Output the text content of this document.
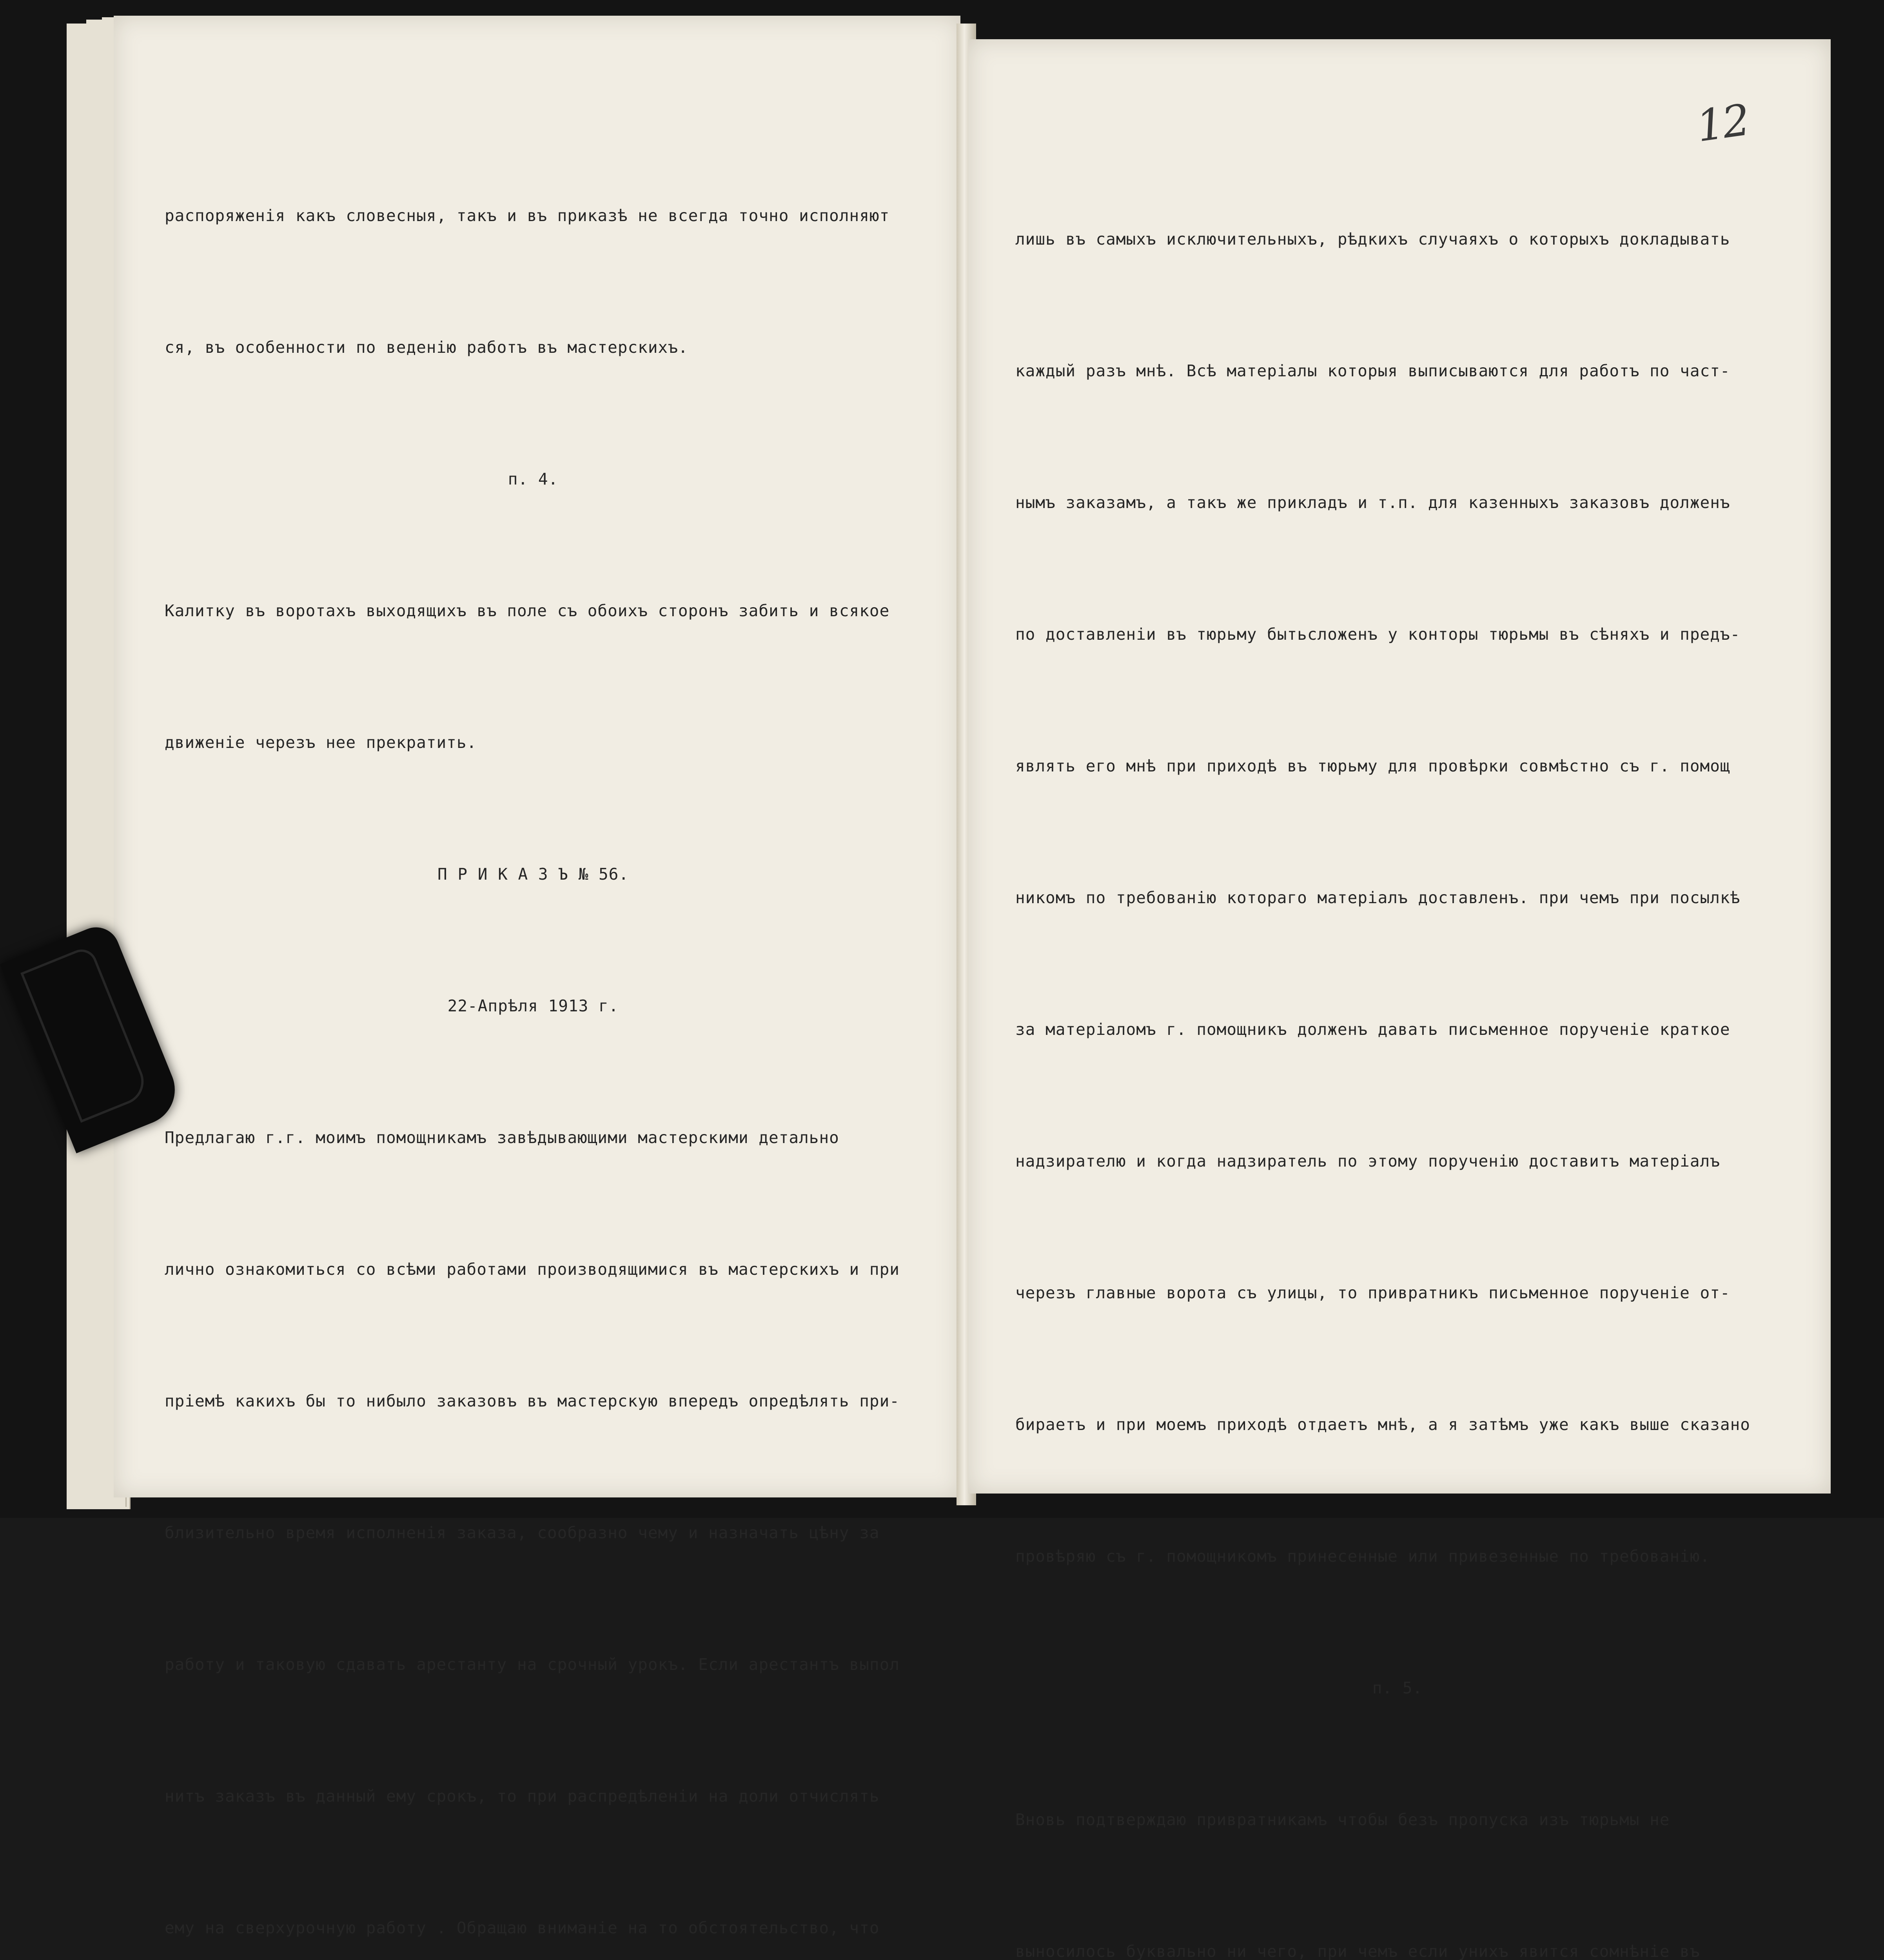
распоряженія какъ словесныя, такъ и въ приказѣ не всегда точно исполняют

ся, въ особенности по веденію работъ въ мастерскихъ.

п. 4.

Калитку въ воротахъ выходящихъ въ поле съ обоихъ сторонъ забить и всякое

движеніе черезъ нее прекратить.

П Р И К А З Ъ № 56.

22-Апрѣля 1913 г.

Предлагаю г.г. моимъ помощникамъ завѣдывающими мастерскими детально

лично ознакомиться со всѣми работами производящимися въ мастерскихъ и при

пріемѣ какихъ бы то нибыло заказовъ въ мастерскую впередъ опредѣлять при-

близительно время исполненія заказа, сообразно чему и назначать цѣну за

работу и таковую сдавать арестанту на срочный урокъ. Если арестантъ выпол

нитъ заказъ въ данный ему срокъ, то при распредѣленіи на доли отчислять

ему на сверхурочную работу . Обращаю вниманіе на то обстоятельство, что

12

лишь въ самыхъ исключительныхъ, рѣдкихъ случаяхъ о которыхъ докладывать

каждый разъ мнѣ. Всѣ матеріалы которыя выписываются для работъ по част-

нымъ заказамъ, а такъ же прикладъ и т.п. для казенныхъ заказовъ долженъ

по доставленіи въ тюрьму бытьсложенъ у конторы тюрьмы въ сѣняхъ и предъ-

являть его мнѣ при приходѣ въ тюрьму для провѣрки совмѣстно съ г. помощ

никомъ по требованію котораго матеріалъ доставленъ. при чемъ при посылкѣ

за матеріаломъ г. помощникъ долженъ давать письменное порученіе краткое

надзирателю и когда надзиратель по этому порученію доставитъ матеріалъ

черезъ главные ворота съ улицы, то привратникъ письменное порученіе от-

бираетъ и при моемъ приходѣ отдаетъ мнѣ, а я затѣмъ уже какъ выше сказано

провѣряю съ г. помощникомъ принесенные или привезенные по требованію.

п. 5.

Вновь подтверждаю привратникамъ чтобы безъ пропуска изъ тюрьмы не

выносилось буквально ни чего, при чемъ если унихъ явится сомнѣніе въ
